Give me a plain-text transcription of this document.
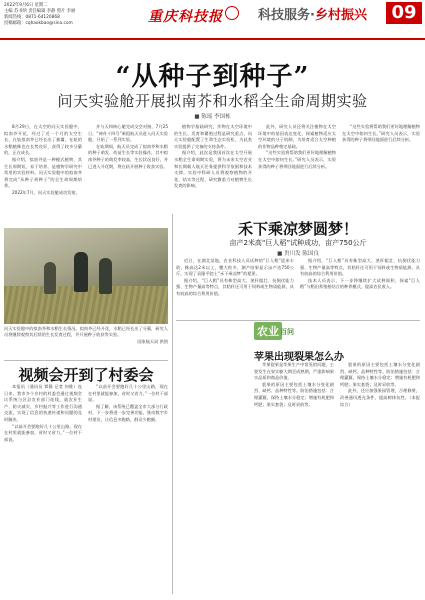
2022年9月6日 星期二
主编 苏书纳 责任编辑 李静 照片 李丽
新闻热线：0871-64120868
投稿邮箱：cqhaokbao@sina.com	重庆科技报	科技服务·乡村振兴	09
“从种子到种子”
问天实验舱开展拟南芥和水稻全生命周期实验
■ 陈瑶 李国栋

8月29日，在太空的问天实验舱中，拟南芥开花，经过了近一个月的太空生长，在轨拟南芥已经长出了抽薹，在轨的水稻植株也在长势良好，获得了较多分蘖的，正在成长。

据介绍，拟南芥是一种模式植物，其生长周期短、易于培养，是植物学研究中常用的实验材料。问天实验舱中的拟南芥将完成“从种子到种子”的全生命周期培养。

2022年7月，问天实验舱成功发射。

并与天和核心舱完成交会对接，7月25日，“神舟十四号”乘组航天员进入问天实验舱，开始了一系列实验。

在轨期间，航天员完成了拟南芥和水稻的种子萌发、幼苗生长等实验操作，其中拟南芥种子的萌发率较高，生长状况良好，并已进入开花期，将在轨开展种子收获实验。

植物学基础研究，作物在太空环境中的生长、发育和繁殖过程是研究重点，问天实验舱配置了生命生态实验柜，为此类实验提供了完备的支持条件。

据介绍，此次是我国首次在太空开展水稻全生命周期实验，将为未来太空农业和长期载人航天任务提供科学依据和技术支撑。实验中科研人员将观察植物的开花、结实等过程，研究微重力对植物生长发育的影响。

此外，研究人员还将关注植物在太空环境中的基因表达变化，探索植物适应太空环境的分子机制，为培育适合太空种植的作物品种奠定基础。

“这些实验将帮助我们更好地理解植物在太空中如何生长。”研究人员表示，实验获得的种子将带回地面进行后续分析。

“这些实验将帮助我们更好地理解植物在太空中如何生长。”研究人员表示，实验获得的种子将带回地面进行后续分析。

问天实验舱中的拟南芥和水稻生长情况。拟南芥已经开花，水稻已经长出了分蘖，研究人员将继续观察其后续的生长发育过程，并开展种子收获等实验。

国家航天局 供图

禾下乘凉梦圆梦！
亩产2米高“巨人稻”试种成功，亩产750公斤
■ 贵川发 陈国良

近日，在湖北某地，农业科技人员试种的“巨人稻”迎来丰收，株高达2米以上，穗大粒多，测产结果显示亩产达750公斤，实现了袁隆平院士“禾下乘凉梦”的愿景。

据介绍，“巨人稻”具有株型高大、茎秆粗壮、抗倒伏能力强、生物产量高等特点，其秸秆还可用于饲料或生物质能源，具有较高的综合利用价值。

据介绍，“巨人稻”具有株型高大、茎秆粗壮、抗倒伏能力强、生物产量高等特点，其秸秆还可用于饲料或生物质能源，具有较高的综合利用价值。

技术人员表示，下一步将继续扩大试种面积，探索“巨人稻”与稻田养殖相结合的种养模式，提高农民收入。

视频会开到了村委会

本报讯（通讯员 覃静 记者 何维）连日来，我市多个乡村的村委会通过视频会议系统与区县农业部门连线，就农业生产、防灾减灾、乡村振兴等工作进行沟通交流，实现了信息的快速传递和问题的及时解决。

“以前开会要跑好几十公里山路，现在在村里就能参加，省时又省力。”一位村干部说。

“以前开会要跑好几十公里山路，现在在村里就能参加，省时又省力。”一位村干部说。

据了解，该系统已覆盖全市大部分行政村，下一步将进一步完善功能，推动数字乡村建设，让信息多跑路、群众少跑腿。

农业 百问
苹果出现裂果怎么办

苹果裂果是苹果生产中常见的问题，主要发生在果实膨大期至成熟期，严重影响果实品质和商品价值。

裂果的原因主要包括土壤水分变化剧烈、缺钙、品种特性等。防治措施包括：合理灌溉，保持土壤水分稳定；增施有机肥和钙肥；果实套袋；及时采收等。

裂果的原因主要包括土壤水分变化剧烈、缺钙、品种特性等。防治措施包括：合理灌溉，保持土壤水分稳定；增施有机肥和钙肥；果实套袋；及时采收等。

此外，还应加强果园管理，合理修剪，改善通风透光条件，提高树体抗性。（本报综合）
